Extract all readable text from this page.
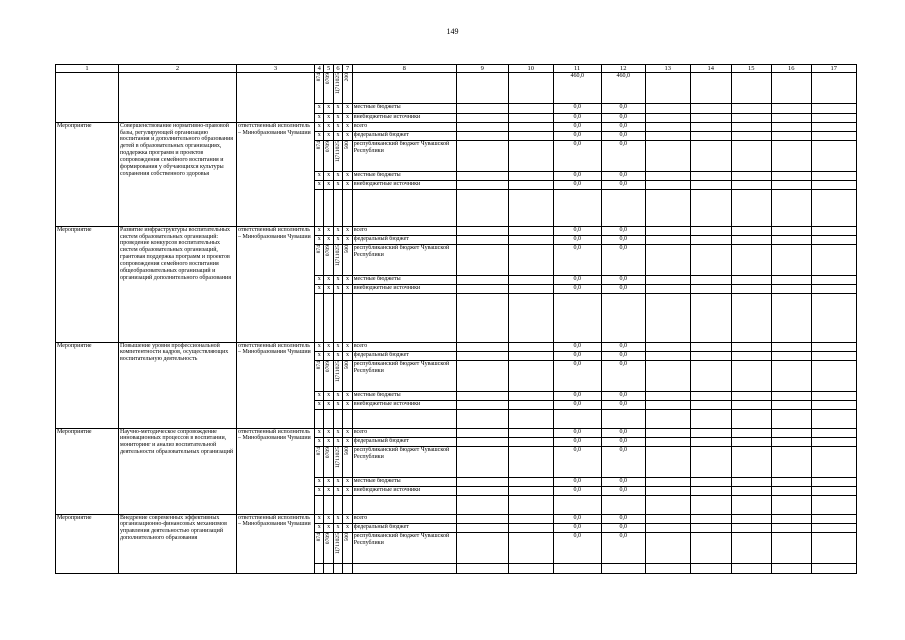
149
1	2	3	4	5	6	7	8	9	10	11	12	13	14	15	16	17
			874	0709	Ц711025	200				460,0	460,0					
			x	x	x	x	местные бюджеты			0,0	0,0					
			x	x	x	x	внебюджетные источники			0,0	0,0					
Мероприятие	Совершенствование нормативно-правовой базы, регулирующей организацию воспитания и дополнительного образования детей в образовательных организациях, поддержка программ и проектов сопровождения семейного воспитания и формирования у обучающихся культуры сохранения собственного здоровья	ответственный исполнитель – Минобразования Чувашии	x	x	x	x	всего			0,0	0,0					
			x	x	x	x	федеральный бюджет			0,0	0,0					
			874	0709	Ц711025	500	республиканский бюджет Чувашской Республики			0,0	0,0					
			x	x	x	x	местные бюджеты			0,0	0,0					
			x	x	x	x	внебюджетные источники			0,0	0,0					

Мероприятие	Развитие инфраструктуры воспитательных систем образовательных организаций: проведение конкурсов воспитательных систем образовательных организаций, грантовая поддержка программ и проектов сопровождения семейного воспитания общеобразовательных организаций и организаций дополнительного образования	ответственный исполнитель – Минобразования Чувашии	x	x	x	x	всего			0,0	0,0					
			x	x	x	x	федеральный бюджет			0,0	0,0					
			874	0709	Ц711025	500	республиканский бюджет Чувашской Республики			0,0	0,0					
			x	x	x	x	местные бюджеты			0,0	0,0					
			x	x	x	x	внебюджетные источники			0,0	0,0					

Мероприятие	Повышение уровня профессиональной компетентности кадров, осуществляющих воспитательную деятельность	ответственный исполнитель – Минобразования Чувашии	x	x	x	x	всего			0,0	0,0					
			x	x	x	x	федеральный бюджет			0,0	0,0					
			874	0709	Ц711025	500	республиканский бюджет Чувашской Республики			0,0	0,0					
			x	x	x	x	местные бюджеты			0,0	0,0					
			x	x	x	x	внебюджетные источники			0,0	0,0					

Мероприятие	Научно-методическое сопровождение инновационных процессов в воспитании, мониторинг и анализ воспитательной деятельности образовательных организаций	ответственный исполнитель – Минобразования Чувашии	x	x	x	x	всего			0,0	0,0					
			x	x	x	x	федеральный бюджет			0,0	0,0					
			874	0709	Ц711025	500	республиканский бюджет Чувашской Республики			0,0	0,0					
			x	x	x	x	местные бюджеты			0,0	0,0					
			x	x	x	x	внебюджетные источники			0,0	0,0					

Мероприятие	Внедрение современных эффективных организационно-финансовых механизмов управления деятельностью организаций дополнительного образования	ответственный исполнитель – Минобразования Чувашии	x	x	x	x	всего			0,0	0,0					
			x	x	x	x	федеральный бюджет			0,0	0,0					
			874	0709	Ц711025	500	республиканский бюджет Чувашской Республики			0,0	0,0					
